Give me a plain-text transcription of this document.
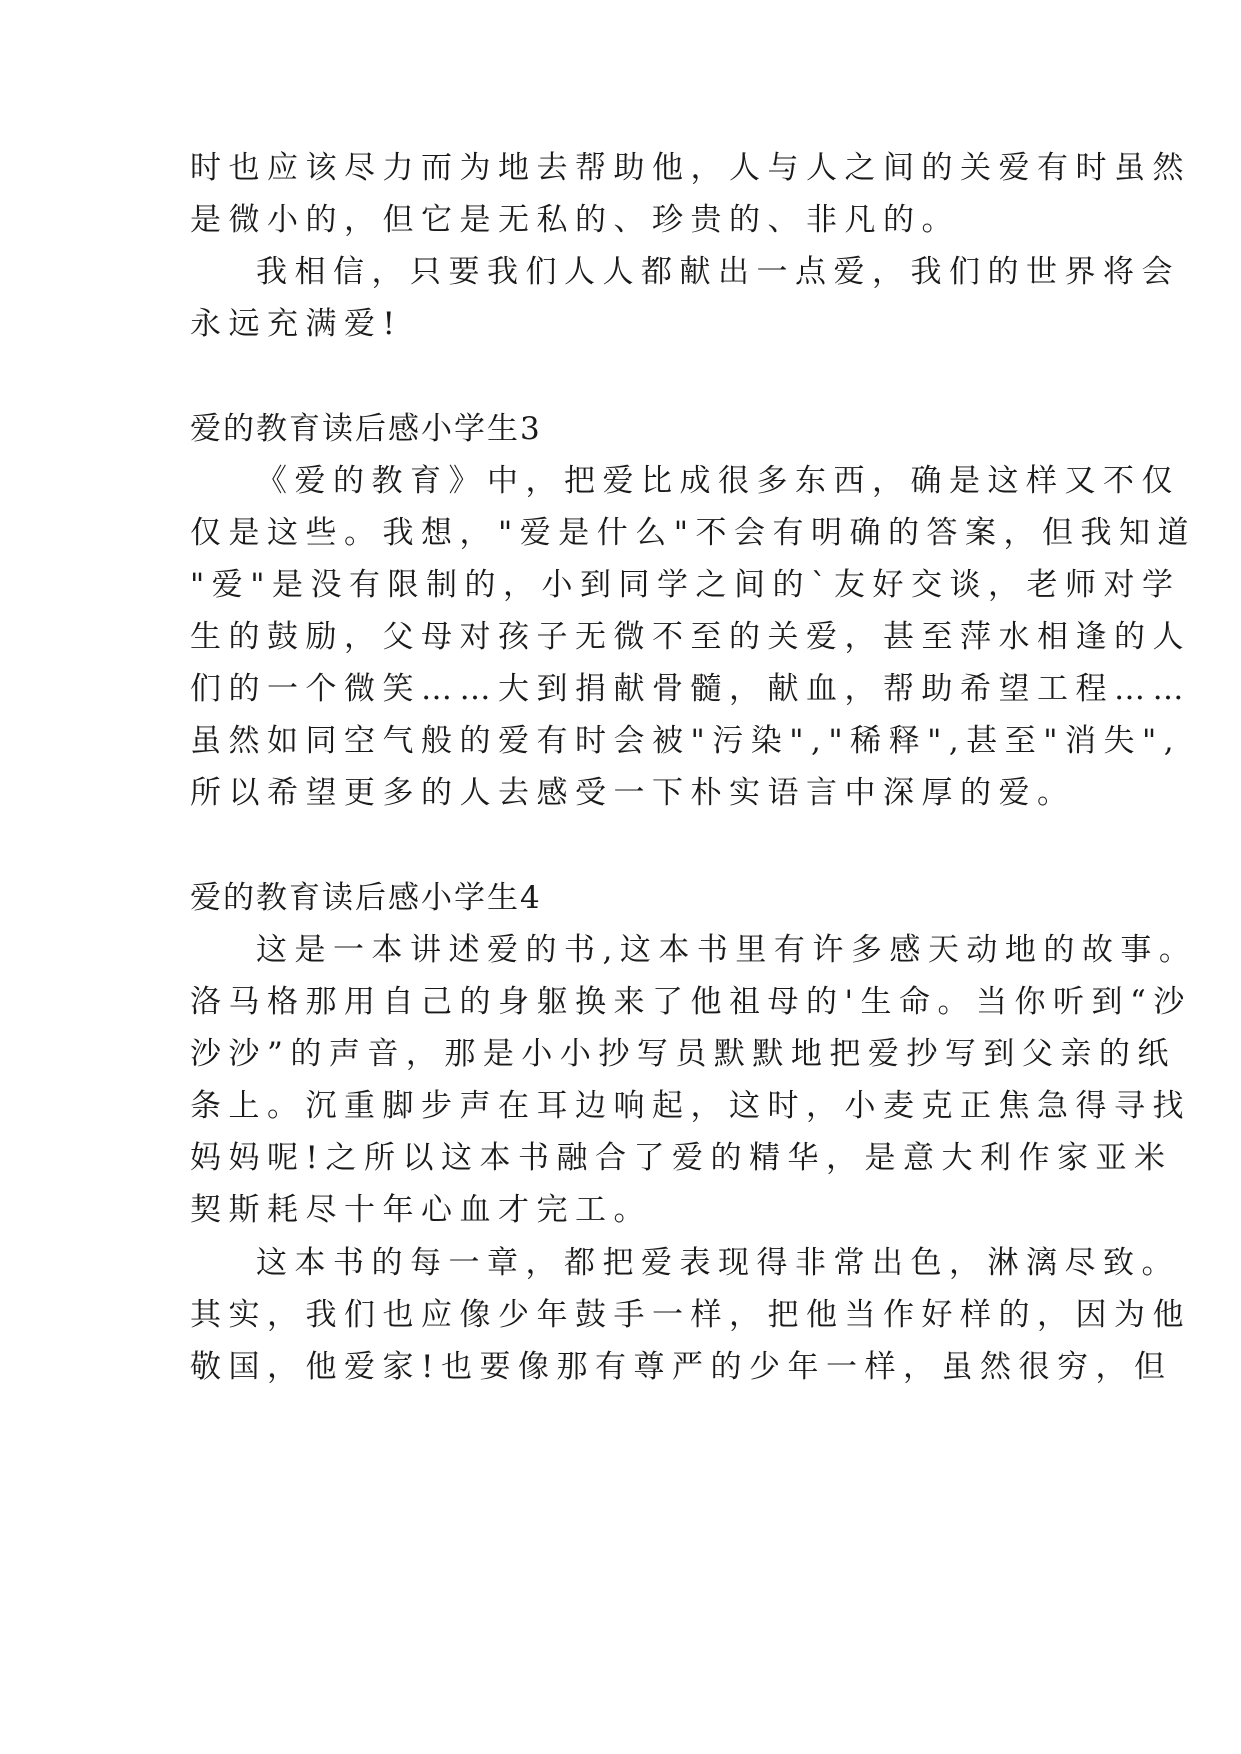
时也应该尽力而为地去帮助他，人与人之间的关爱有时虽然
是微小的，但它是无私的、珍贵的、非凡的。
我相信，只要我们人人都献出一点爱，我们的世界将会
永远充满爱!
爱的教育读后感小学生3
《爱的教育》中，把爱比成很多东西，确是这样又不仅
仅是这些。我想，"爱是什么"不会有明确的答案，但我知道
"爱"是没有限制的，小到同学之间的`友好交谈，老师对学
生的鼓励，父母对孩子无微不至的关爱，甚至萍水相逢的人
们的一个微笑……大到捐献骨髓，献血，帮助希望工程……
虽然如同空气般的爱有时会被"污染","稀释",甚至"消失",
所以希望更多的人去感受一下朴实语言中深厚的爱。
爱的教育读后感小学生4
这是一本讲述爱的书,这本书里有许多感天动地的故事。
洛马格那用自己的身躯换来了他祖母的'生命。当你听到“沙
沙沙”的声音，那是小小抄写员默默地把爱抄写到父亲的纸
条上。沉重脚步声在耳边响起，这时，小麦克正焦急得寻找
妈妈呢!之所以这本书融合了爱的精华，是意大利作家亚米
契斯耗尽十年心血才完工。
这本书的每一章，都把爱表现得非常出色，淋漓尽致。
其实，我们也应像少年鼓手一样，把他当作好样的，因为他
敬国，他爱家!也要像那有尊严的少年一样，虽然很穷，但
